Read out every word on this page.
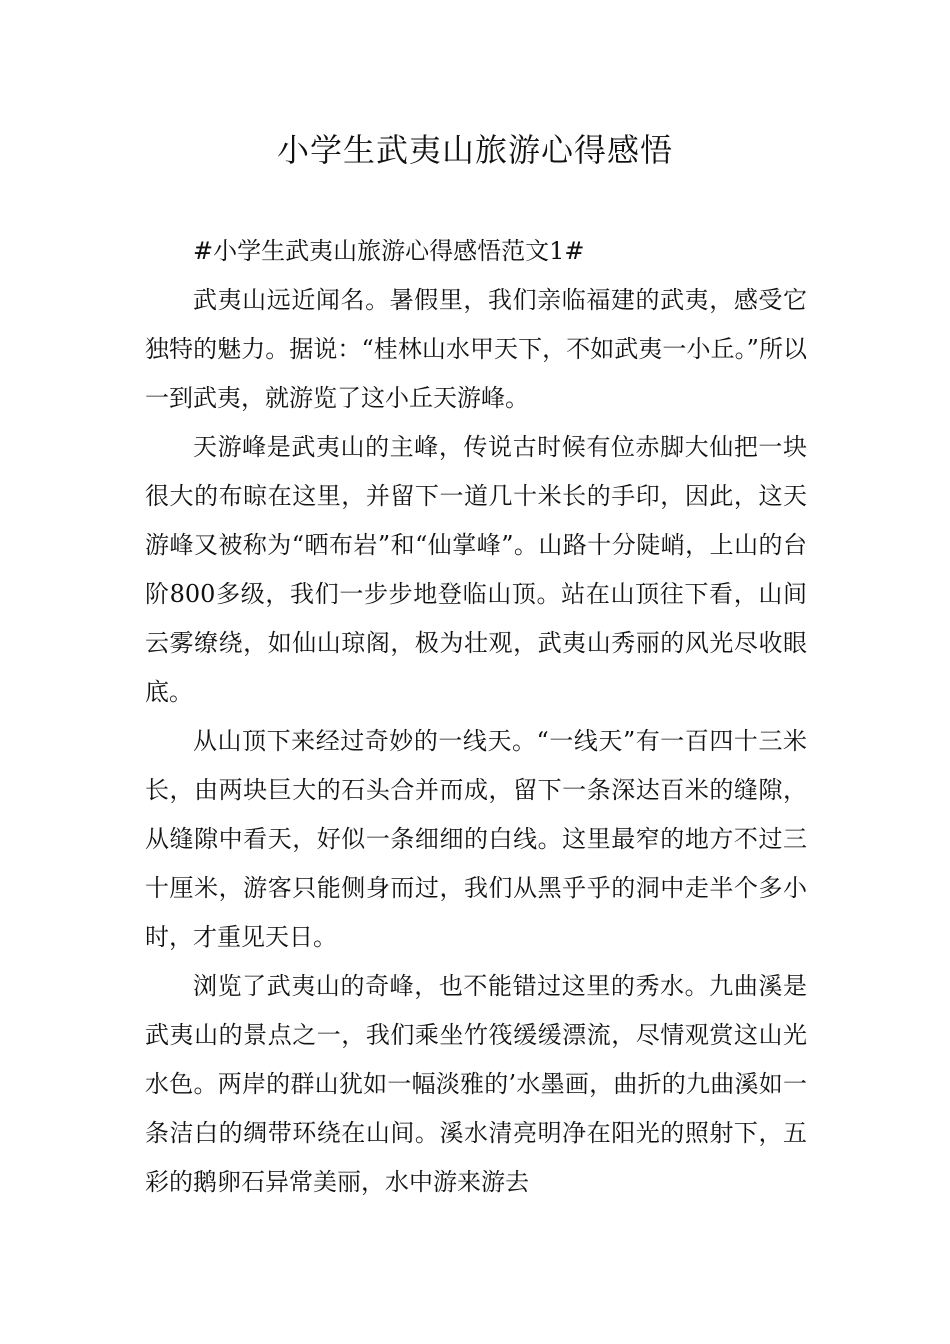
小学生武夷山旅游心得感悟

#小学生武夷山旅游心得感悟范文1#

武夷山远近闻名。暑假里，我们亲临福建的武夷，感受它独特的魅力。据说：“桂林山水甲天下，不如武夷一小丘。”所以一到武夷，就游览了这小丘天游峰。

天游峰是武夷山的主峰，传说古时候有位赤脚大仙把一块很大的布晾在这里，并留下一道几十米长的手印，因此，这天游峰又被称为“晒布岩”和“仙掌峰”。山路十分陡峭，上山的台阶800多级，我们一步步地登临山顶。站在山顶往下看，山间云雾缭绕，如仙山琼阁，极为壮观，武夷山秀丽的风光尽收眼底。

从山顶下来经过奇妙的一线天。“一线天”有一百四十三米长，由两块巨大的石头合并而成，留下一条深达百米的缝隙，从缝隙中看天，好似一条细细的白线。这里最窄的地方不过三十厘米，游客只能侧身而过，我们从黑乎乎的洞中走半个多小时，才重见天日。

浏览了武夷山的奇峰，也不能错过这里的秀水。九曲溪是武夷山的景点之一，我们乘坐竹筏缓缓漂流，尽情观赏这山光水色。两岸的群山犹如一幅淡雅的’水墨画，曲折的九曲溪如一条洁白的绸带环绕在山间。溪水清亮明净在阳光的照射下，五彩的鹅卵石异常美丽，水中游来游去
